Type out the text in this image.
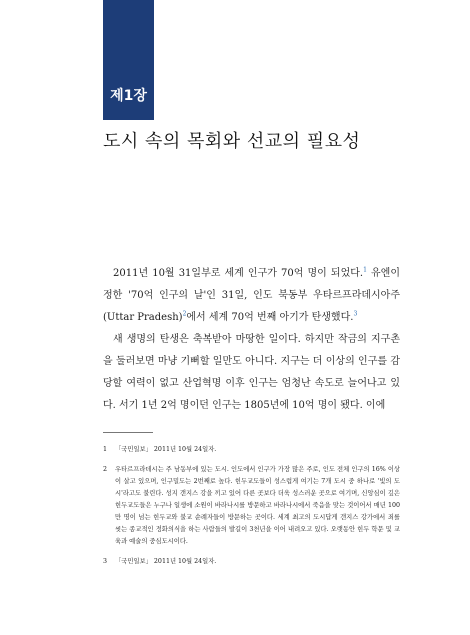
제1장
도시 속의 목회와 선교의 필요성

2011년 10월 31일부로 세계 인구가 70억 명이 되었다.$^1$ 유엔이 정한 '70억 인구의 날'인 31일, 인도 북동부 우타르프라데시아주(Uttar Pradesh)$^2$에서 세계 70억 번째 아기가 탄생했다.$^3$

새 생명의 탄생은 축복받아 마땅한 일이다. 하지만 작금의 지구촌을 둘러보면 마냥 기뻐할 일만도 아니다. 지구는 더 이상의 인구를 감당할 여력이 없고 산업혁명 이후 인구는 엄청난 속도로 늘어나고 있다. 서기 1년 2억 명이던 인구는 1805년에 10억 명이 됐다. 이에

1	「국민일보」 2011년 10월 24일자.
2	우타르프라데시는 주 남동부에 있는 도시. 인도에서 인구가 가장 많은 주로, 인도 전체 인구의 16% 이상이 살고 있으며, 인구밀도는 2번째로 높다. 힌두교도들이 성스럽게 여기는 7개 도시 중 하나로 '빛의 도시'라고도 불린다. 성지 갠지스 강을 끼고 있어 다른 곳보다 더욱 성스러운 곳으로 여기며, 신앙심이 깊은 힌두교도들은 누구나 일생에 소원이 바라나시를 방문하고 바라나시에서 죽음을 맞는 것이어서 매년 100만 명이 넘는 힌두교와 불교 순례자들이 방문하는 곳이다. 세계 최고의 도시답게 갠지스 강가에서 죄를 씻는 종교적인 정화의식을 하는 사람들의 발길이 3천년을 이어 내려오고 있다. 오랫동안 힌두 학문 및 교육과 예술의 중심도시이다.
3	「국민일보」 2011년 10월 24일자.
